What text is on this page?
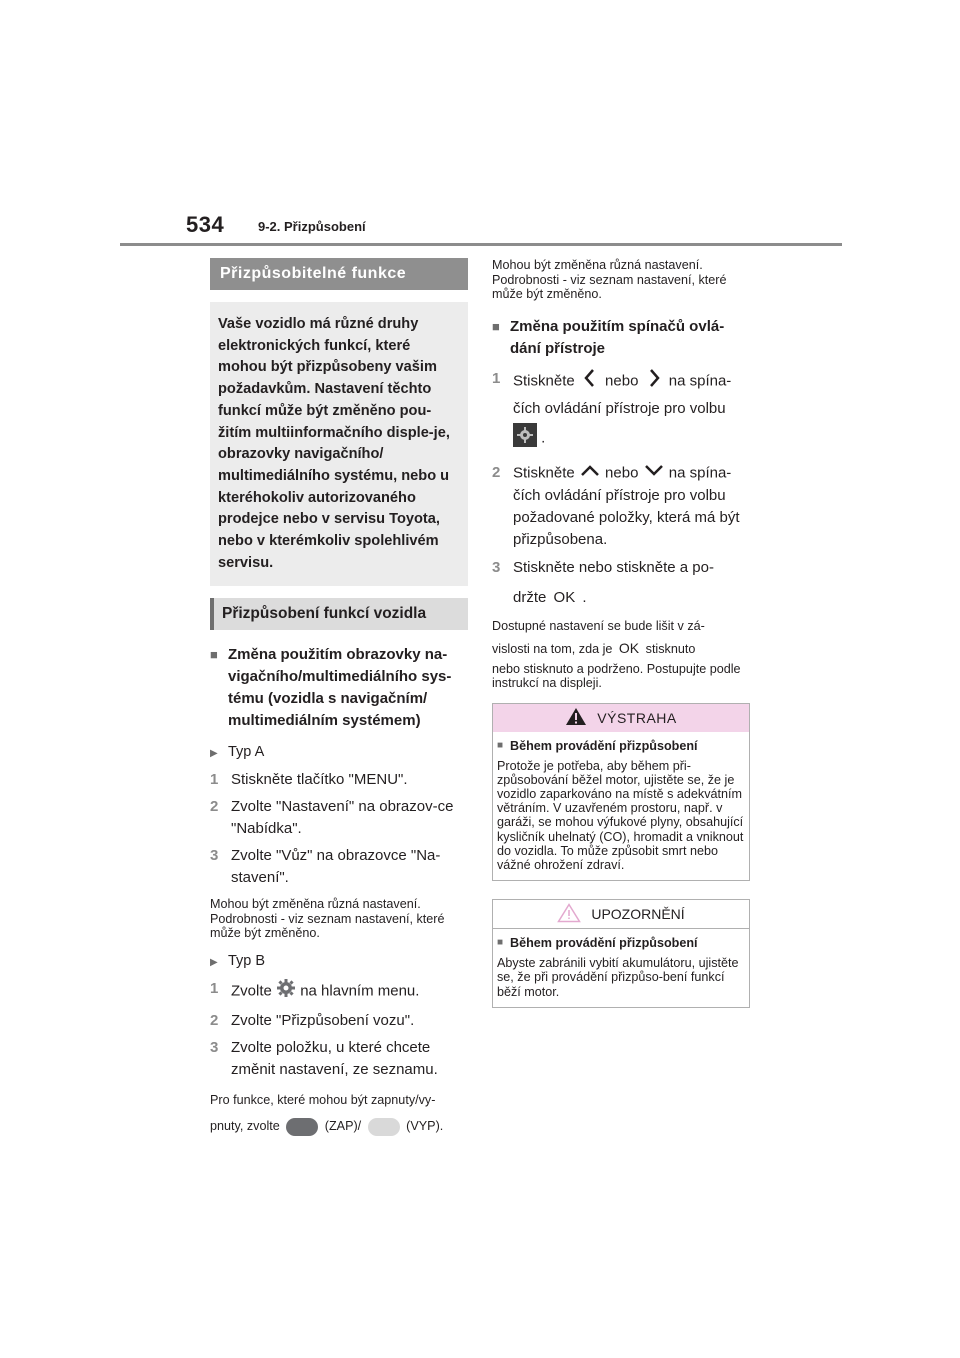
534	9-2. Přizpůsobení
Přizpůsobitelné funkce
Vaše vozidlo má různé druhy elektronických funkcí, které mohou být přizpůsobeny vašim požadavkům. Nastavení těchto funkcí může být změněno pou-žitím multiinformačního disple-je, obrazovky navigačního/ multimediálního systému, nebo u kteréhokoliv autorizovaného prodejce nebo v servisu Toyota, nebo v kterémkoliv spolehlivém servisu.
Přizpůsobení funkcí vozidla
■ Změna použitím obrazovky na-vigačního/multimediálního sys-tému (vozidla s navigačním/ multimediálním systémem)
▶ Typ A
1 Stiskněte tlačítko "MENU".
2 Zvolte "Nastavení" na obrazov-ce "Nabídka".
3 Zvolte "Vůz" na obrazovce "Na-stavení".
Mohou být změněna různá nastavení. Podrobnosti - viz seznam nastavení, které může být změněno.
▶ Typ B
1 Zvolte na hlavním menu.
2 Zvolte "Přizpůsobení vozu".
3 Zvolte položku, u které chcete změnit nastavení, ze seznamu.
Pro funkce, které mohou být zapnuty/vy-
pnuty, zvolte	(ZAP)/	(VYP).
Mohou být změněna různá nastavení. Podrobnosti - viz seznam nastavení, které může být změněno.
■ Změna použitím spínačů ovlá-dání přístroje
1 Stiskněte nebo na spína-
čích ovládání přístroje pro volbu
.
2 Stiskněte nebo na spína- čích ovládání přístroje pro volbu požadované položky, která má být přizpůsobena.
3 Stiskněte nebo stiskněte a po-
držte OK .
Dostupné nastavení se bude lišit v zá-
vislosti na tom, zda je OK stisknuto
nebo stisknuto a podrženo. Postupujte podle instrukcí na displeji.
VÝSTRAHA
■ Během provádění přizpůsobení
Protože je potřeba, aby během při-způsobování běžel motor, ujistěte se, že je vozidlo zaparkováno na místě s adekvátním větráním. V uzavřeném prostoru, např. v garáži, se mohou výfukové plyny, obsahující kysličník uhelnatý (CO), hromadit a vniknout do vozidla. To může způsobit smrt nebo vážné ohrožení zdraví.
UPOZORNĚNÍ
■ Během provádění přizpůsobení
Abyste zabránili vybití akumulátoru, ujistěte se, že při provádění přizpůso-bení funkcí běží motor.
